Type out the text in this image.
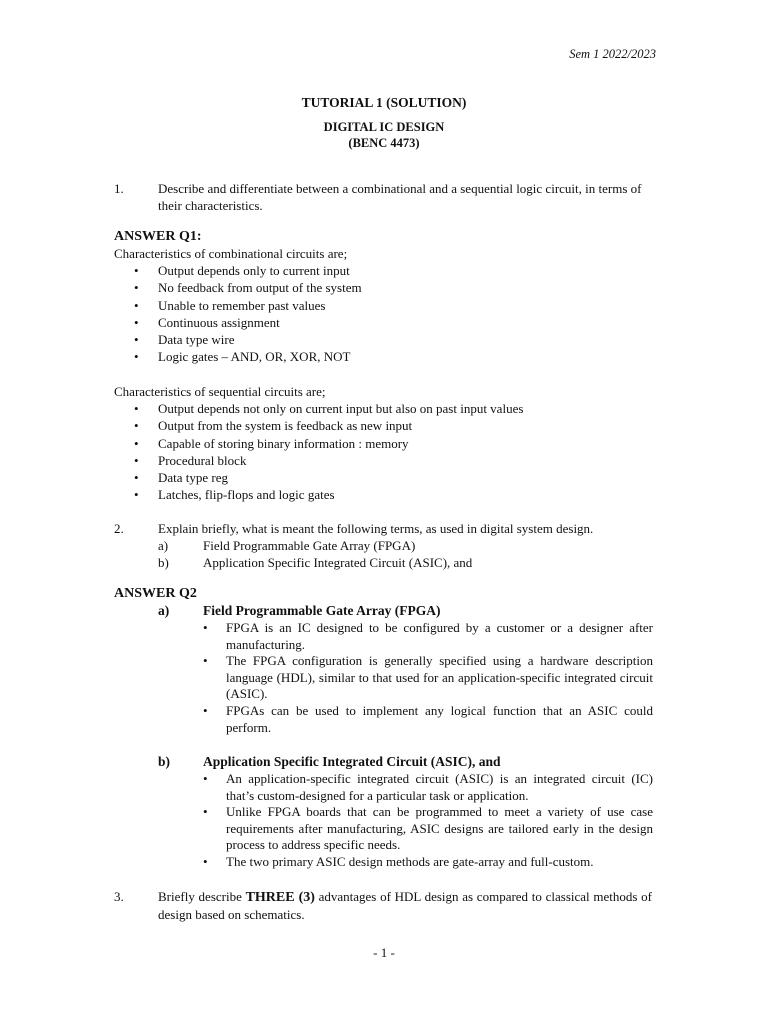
Sem 1 2022/2023
TUTORIAL 1 (SOLUTION)
DIGITAL IC DESIGN
(BENC 4473)
1.	Describe and differentiate between a combinational and a sequential logic circuit, in terms of their characteristics.
ANSWER Q1:
Characteristics of combinational circuits are;
• Output depends only to current input
• No feedback from output of the system
• Unable to remember past values
• Continuous assignment
• Data type wire
• Logic gates – AND, OR, XOR, NOT
Characteristics of sequential circuits are;
• Output depends not only on current input but also on past input values
• Output from the system is feedback as new input
• Capable of storing binary information : memory
• Procedural block
• Data type reg
• Latches, flip-flops and logic gates
2.	Explain briefly, what is meant the following terms, as used in digital system design.
a)	Field Programmable Gate Array (FPGA)
b)	Application Specific Integrated Circuit (ASIC), and
ANSWER Q2
a)	Field Programmable Gate Array (FPGA)
• FPGA is an IC designed to be configured by a customer or a designer after manufacturing.
• The FPGA configuration is generally specified using a hardware description language (HDL), similar to that used for an application-specific integrated circuit (ASIC).
• FPGAs can be used to implement any logical function that an ASIC could perform.
b) Application Specific Integrated Circuit (ASIC), and
• An application-specific integrated circuit (ASIC) is an integrated circuit (IC) that’s custom-designed for a particular task or application.
• Unlike FPGA boards that can be programmed to meet a variety of use case requirements after manufacturing, ASIC designs are tailored early in the design process to address specific needs.
• The two primary ASIC design methods are gate-array and full-custom.
3.	Briefly describe THREE (3) advantages of HDL design as compared to classical methods of design based on schematics.
- 1 -
